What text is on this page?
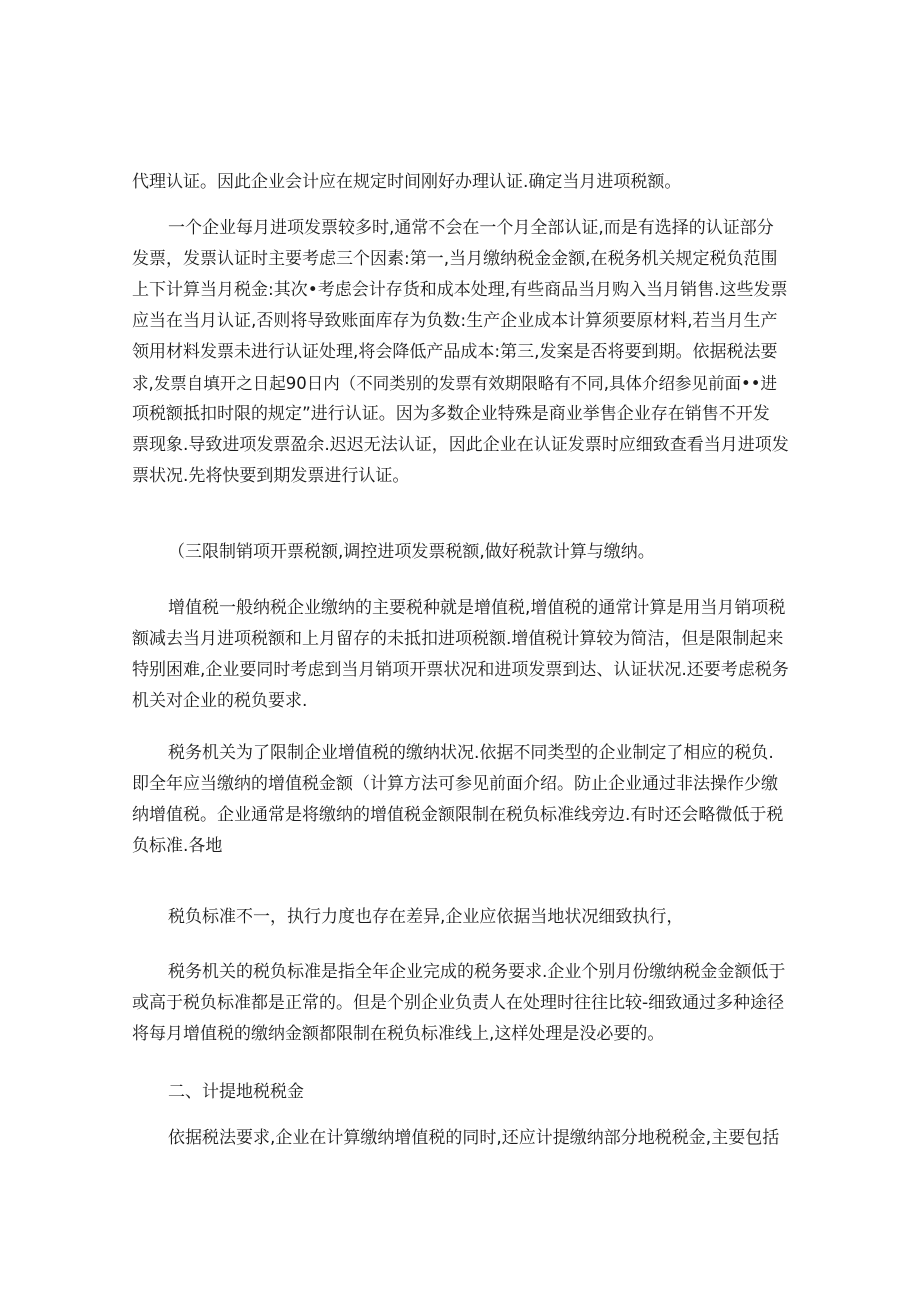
代理认证。因此企业会计应在规定时间刚好办理认证.确定当月进项税额。

一个企业每月进项发票较多时,通常不会在一个月全部认证,而是有选择的认证部分
发票，发票认证时主要考虑三个因素:第一,当月缴纳税金金额,在税务机关规定税负范围
上下计算当月税金:其次•考虑会计存货和成本处理,有些商品当月购入当月销售.这些发票
应当在当月认证,否则将导致账面库存为负数:生产企业成本计算须要原材料,若当月生产
领用材料发票未进行认证处理,将会降低产品成本:第三,发案是否将要到期。依据税法要
求,发票自填开之日起90日内（不同类别的发票有效期限略有不同,具体介绍参见前面••进
项税额抵扣时限的规定”进行认证。因为多数企业特殊是商业挙售企业存在销售不开发
票现象.导致进项发票盈余.迟迟无法认证，因此企业在认证发票时应细致查看当月进项发
票状况.先将快要到期发票进行认证。

（三限制销项开票税额,调控进项发票税额,做好税款计算与缴纳。

增值税一般纳税企业缴纳的主要税种就是增值税,增值税的通常计算是用当月销项税
额减去当月进项税额和上月留存的未抵扣进项税额.增值税计算较为简洁，但是限制起来
特别困难,企业要同时考虑到当月销项开票状况和进项发票到达、认证状况.还要考虑税务
机关对企业的税负要求.

税务机关为了限制企业增值税的缴纳状况.依据不同类型的企业制定了相应的税负.
即全年应当缴纳的增值税金额（计算方法可参见前面介绍。防止企业通过非法操作少缴
纳增值税。企业通常是将缴纳的增值税金额限制在税负标准线旁边.有时还会略微低于税
负标准.各地

税负标准不一，执行力度也存在差异,企业应依据当地状况细致执行，

税务机关的税负标准是指全年企业完成的税务要求.企业个别月份缴纳税金金额低于
或高于税负标准都是正常的。但是个别企业负责人在处理时往往比较-细致通过多种途径
将每月增值税的缴纳金额都限制在税负标准线上,这样处理是没必要的。

二、计提地税税金

依据税法要求,企业在计算缴纳增值税的同时,还应计提缴纳部分地税税金,主要包括
